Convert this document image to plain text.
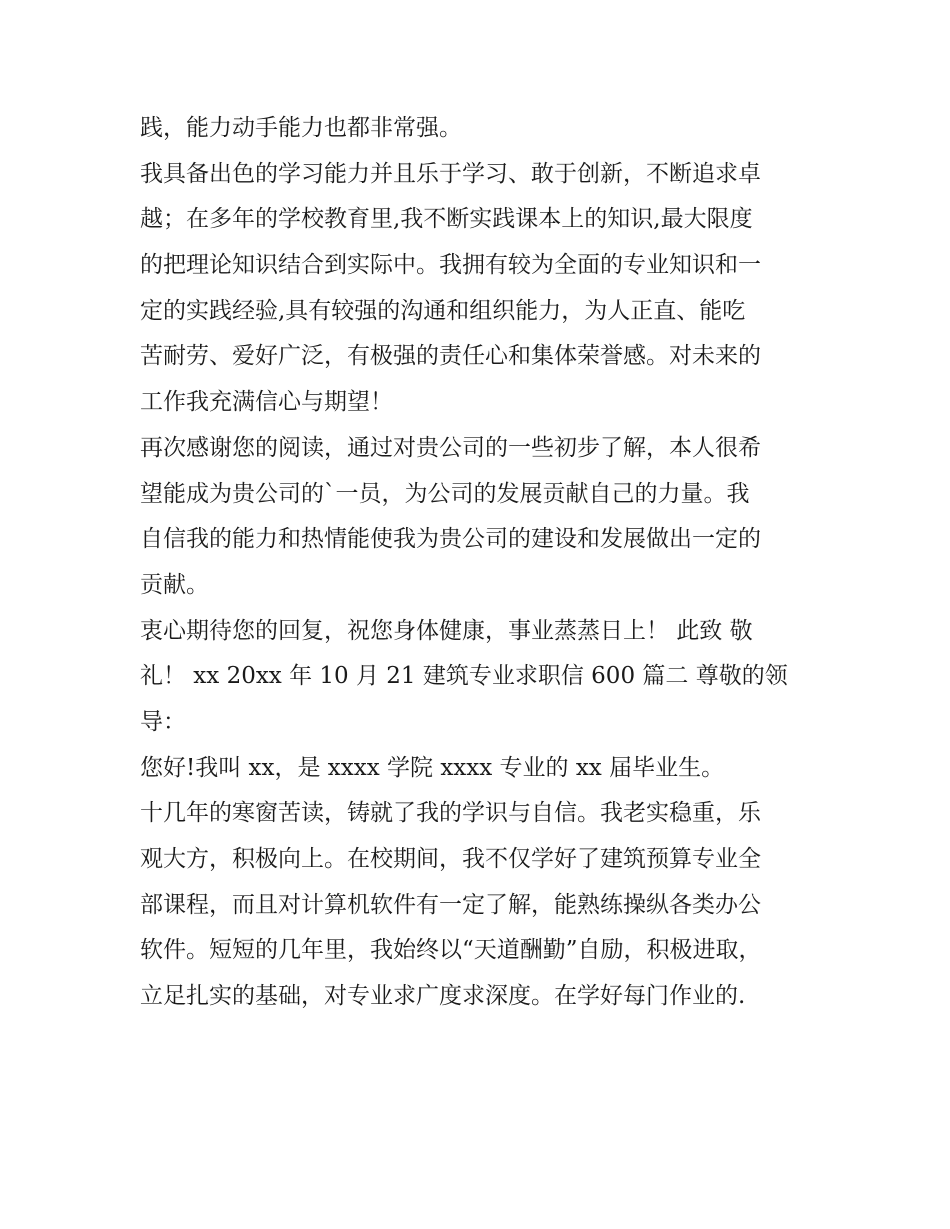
践，能力动手能力也都非常强。
我具备出色的学习能力并且乐于学习、敢于创新，不断追求卓
越；在多年的学校教育里,我不断实践课本上的知识,最大限度
的把理论知识结合到实际中。我拥有较为全面的专业知识和一
定的实践经验,具有较强的沟通和组织能力，为人正直、能吃
苦耐劳、爱好广泛，有极强的责任心和集体荣誉感。对未来的
工作我充满信心与期望！
再次感谢您的阅读，通过对贵公司的一些初步了解，本人很希
望能成为贵公司的`一员，为公司的发展贡献自己的力量。我
自信我的能力和热情能使我为贵公司的建设和发展做出一定的
贡献。
衷心期待您的回复，祝您身体健康，事业蒸蒸日上！ 此致 敬
礼！ xx 20xx 年 10 月 21 建筑专业求职信 600 篇二 尊敬的领
导：
您好!我叫 xx，是 xxxx 学院 xxxx 专业的 xx 届毕业生。
十几年的寒窗苦读，铸就了我的学识与自信。我老实稳重，乐
观大方，积极向上。在校期间，我不仅学好了建筑预算专业全
部课程，而且对计算机软件有一定了解，能熟练操纵各类办公
软件。短短的几年里，我始终以“天道酬勤”自励，积极进取，
立足扎实的基础，对专业求广度求深度。在学好每门作业的.
